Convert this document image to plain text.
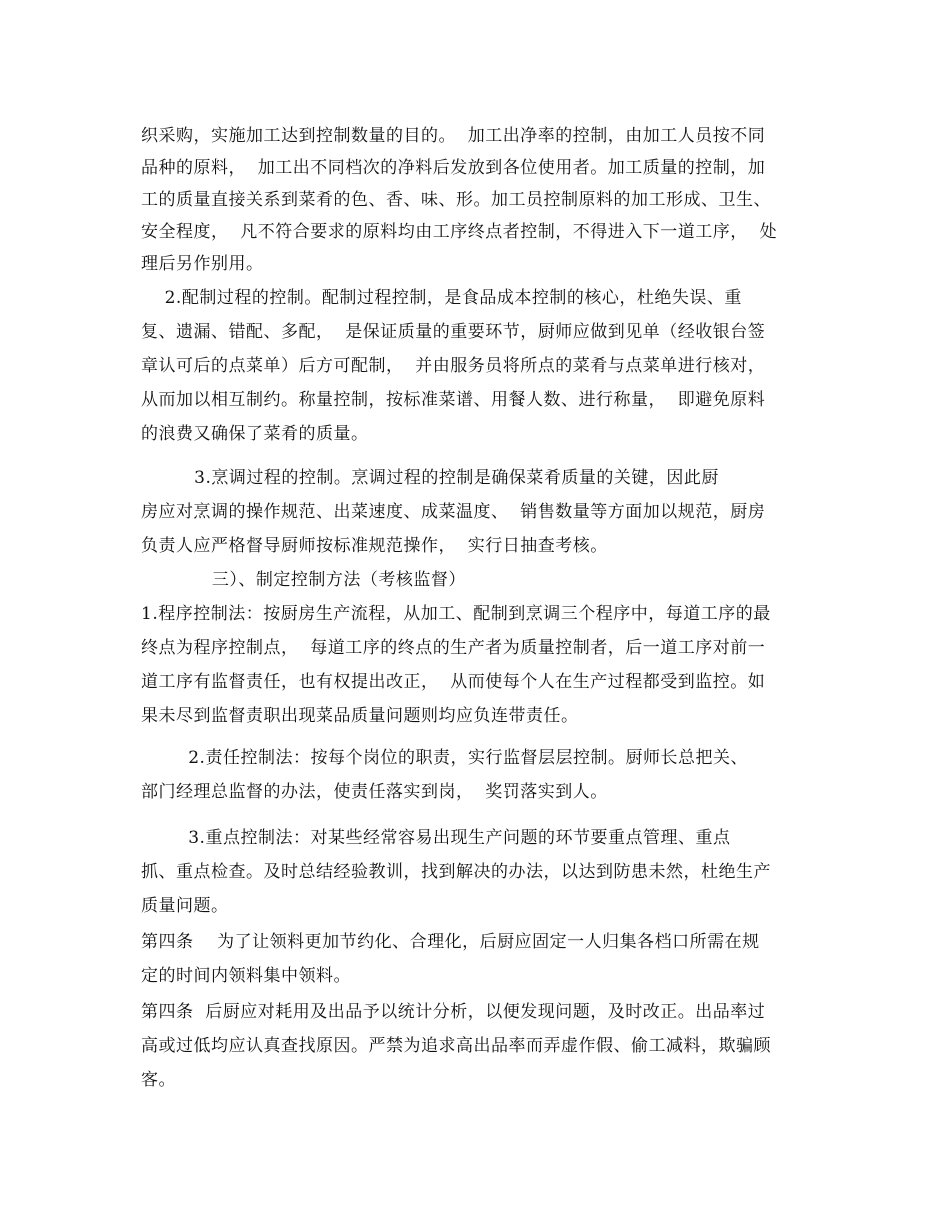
织采购，实施加工达到控制数量的目的。  加工出净率的控制，由加工人员按不同
品种的原料，  加工出不同档次的净料后发放到各位使用者。加工质量的控制，加
工的质量直接关系到菜肴的色、香、味、形。加工员控制原料的加工形成、卫生、
安全程度，  凡不符合要求的原料均由工序终点者控制，不得进入下一道工序，  处
理后另作别用。
2.配制过程的控制。配制过程控制，是食品成本控制的核心，杜绝失误、重
复、遗漏、错配、多配，  是保证质量的重要环节，厨师应做到见单（经收银台签
章认可后的点菜单）后方可配制，  并由服务员将所点的菜肴与点菜单进行核对，
从而加以相互制约。称量控制，按标准菜谱、用餐人数、进行称量，  即避免原料
的浪费又确保了菜肴的质量。
3.烹调过程的控制。烹调过程的控制是确保菜肴质量的关键，因此厨
房应对烹调的操作规范、出菜速度、成菜温度、  销售数量等方面加以规范，厨房
负责人应严格督导厨师按标准规范操作，  实行日抽查考核。
三）、制定控制方法（考核监督）
1.程序控制法：按厨房生产流程，从加工、配制到烹调三个程序中，每道工序的最
终点为程序控制点，  每道工序的终点的生产者为质量控制者，后一道工序对前一
道工序有监督责任，也有权提出改正，  从而使每个人在生产过程都受到监控。如
果未尽到监督责职出现菜品质量问题则均应负连带责任。
2.责任控制法：按每个岗位的职责，实行监督层层控制。厨师长总把关、
部门经理总监督的办法，使责任落实到岗，  奖罚落实到人。
3.重点控制法：对某些经常容易出现生产问题的环节要重点管理、重点
抓、重点检查。及时总结经验教训，找到解决的办法，以达到防患未然，杜绝生产
质量问题。
第四条    为了让领料更加节约化、合理化，后厨应固定一人归集各档口所需在规
定的时间内领料集中领料。
第四条  后厨应对耗用及出品予以统计分析，以便发现问题，及时改正。出品率过
高或过低均应认真查找原因。严禁为追求高出品率而弄虚作假、偷工减料，欺骗顾
客。
